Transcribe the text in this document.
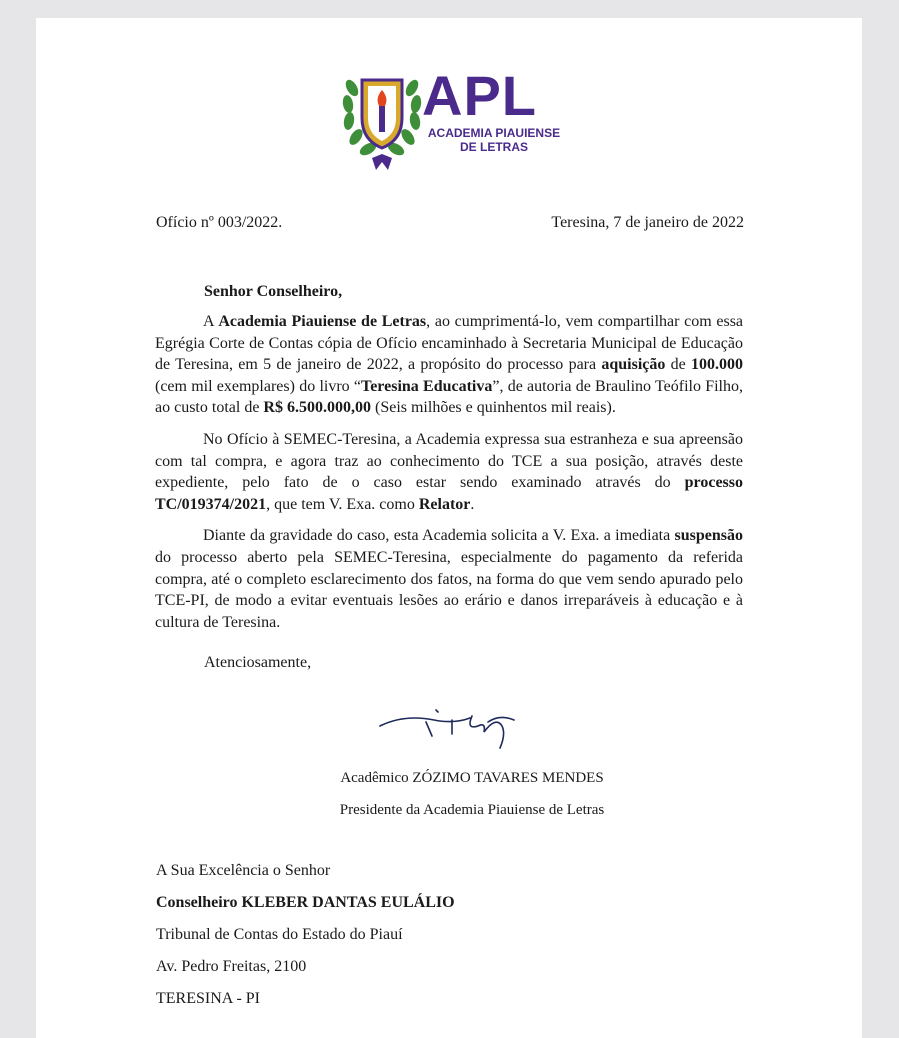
APL
ACADEMIA PIAUIENSE
DE LETRAS
Ofício nº 003/2022.	Teresina, 7 de janeiro de 2022
Senhor Conselheiro,

A Academia Piauiense de Letras, ao cumprimentá-lo, vem compartilhar com essa Egrégia Corte de Contas cópia de Ofício encaminhado à Secretaria Municipal de Educação de Teresina, em 5 de janeiro de 2022, a propósito do processo para aquisição de 100.000 (cem mil exemplares) do livro “Teresina Educativa”, de autoria de Braulino Teófilo Filho, ao custo total de R$ 6.500.000,00 (Seis milhões e quinhentos mil reais).

No Ofício à SEMEC-Teresina, a Academia expressa sua estranheza e sua apreensão com tal compra, e agora traz ao conhecimento do TCE a sua posição, através deste expediente, pelo fato de o caso estar sendo examinado através do processo TC/019374/2021, que tem V. Exa. como Relator.

Diante da gravidade do caso, esta Academia solicita a V. Exa. a imediata suspensão do processo aberto pela SEMEC-Teresina, especialmente do pagamento da referida compra, até o completo esclarecimento dos fatos, na forma do que vem sendo apurado pelo TCE-PI, de modo a evitar eventuais lesões ao erário e danos irreparáveis à educação e à cultura de Teresina.

Atenciosamente,
Acadêmico ZÓZIMO TAVARES MENDES
Presidente da Academia Piauiense de Letras
A Sua Excelência o Senhor
Conselheiro KLEBER DANTAS EULÁLIO
Tribunal de Contas do Estado do Piauí
Av. Pedro Freitas, 2100
TERESINA - PI
